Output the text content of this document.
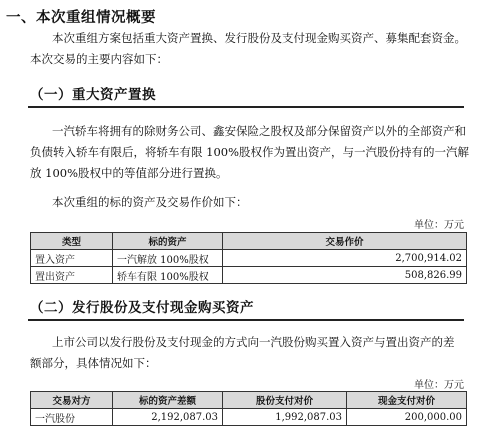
一、本次重组情况概要
本次重组方案包括重大资产置换、发行股份及支付现金购买资产、募集配套资金。
本次交易的主要内容如下：
（一）重大资产置换
一汽轿车将拥有的除财务公司、鑫安保险之股权及部分保留资产以外的全部资产和
负债转入轿车有限后，将轿车有限 100%股权作为置出资产，与一汽股份持有的一汽解
放 100%股权中的等值部分进行置换。
本次重组的标的资产及交易作价如下：
单位：万元
类型	标的资产	交易作价
置入资产	一汽解放 100%股权	2,700,914.02
置出资产	轿车有限 100%股权	508,826.99
（二）发行股份及支付现金购买资产
上市公司以发行股份及支付现金的方式向一汽股份购买置入资产与置出资产的差
额部分，具体情况如下：
单位：万元
交易对方	标的资产差额	股份支付对价	现金支付对价
一汽股份	2,192,087.03	1,992,087.03	200,000.00
